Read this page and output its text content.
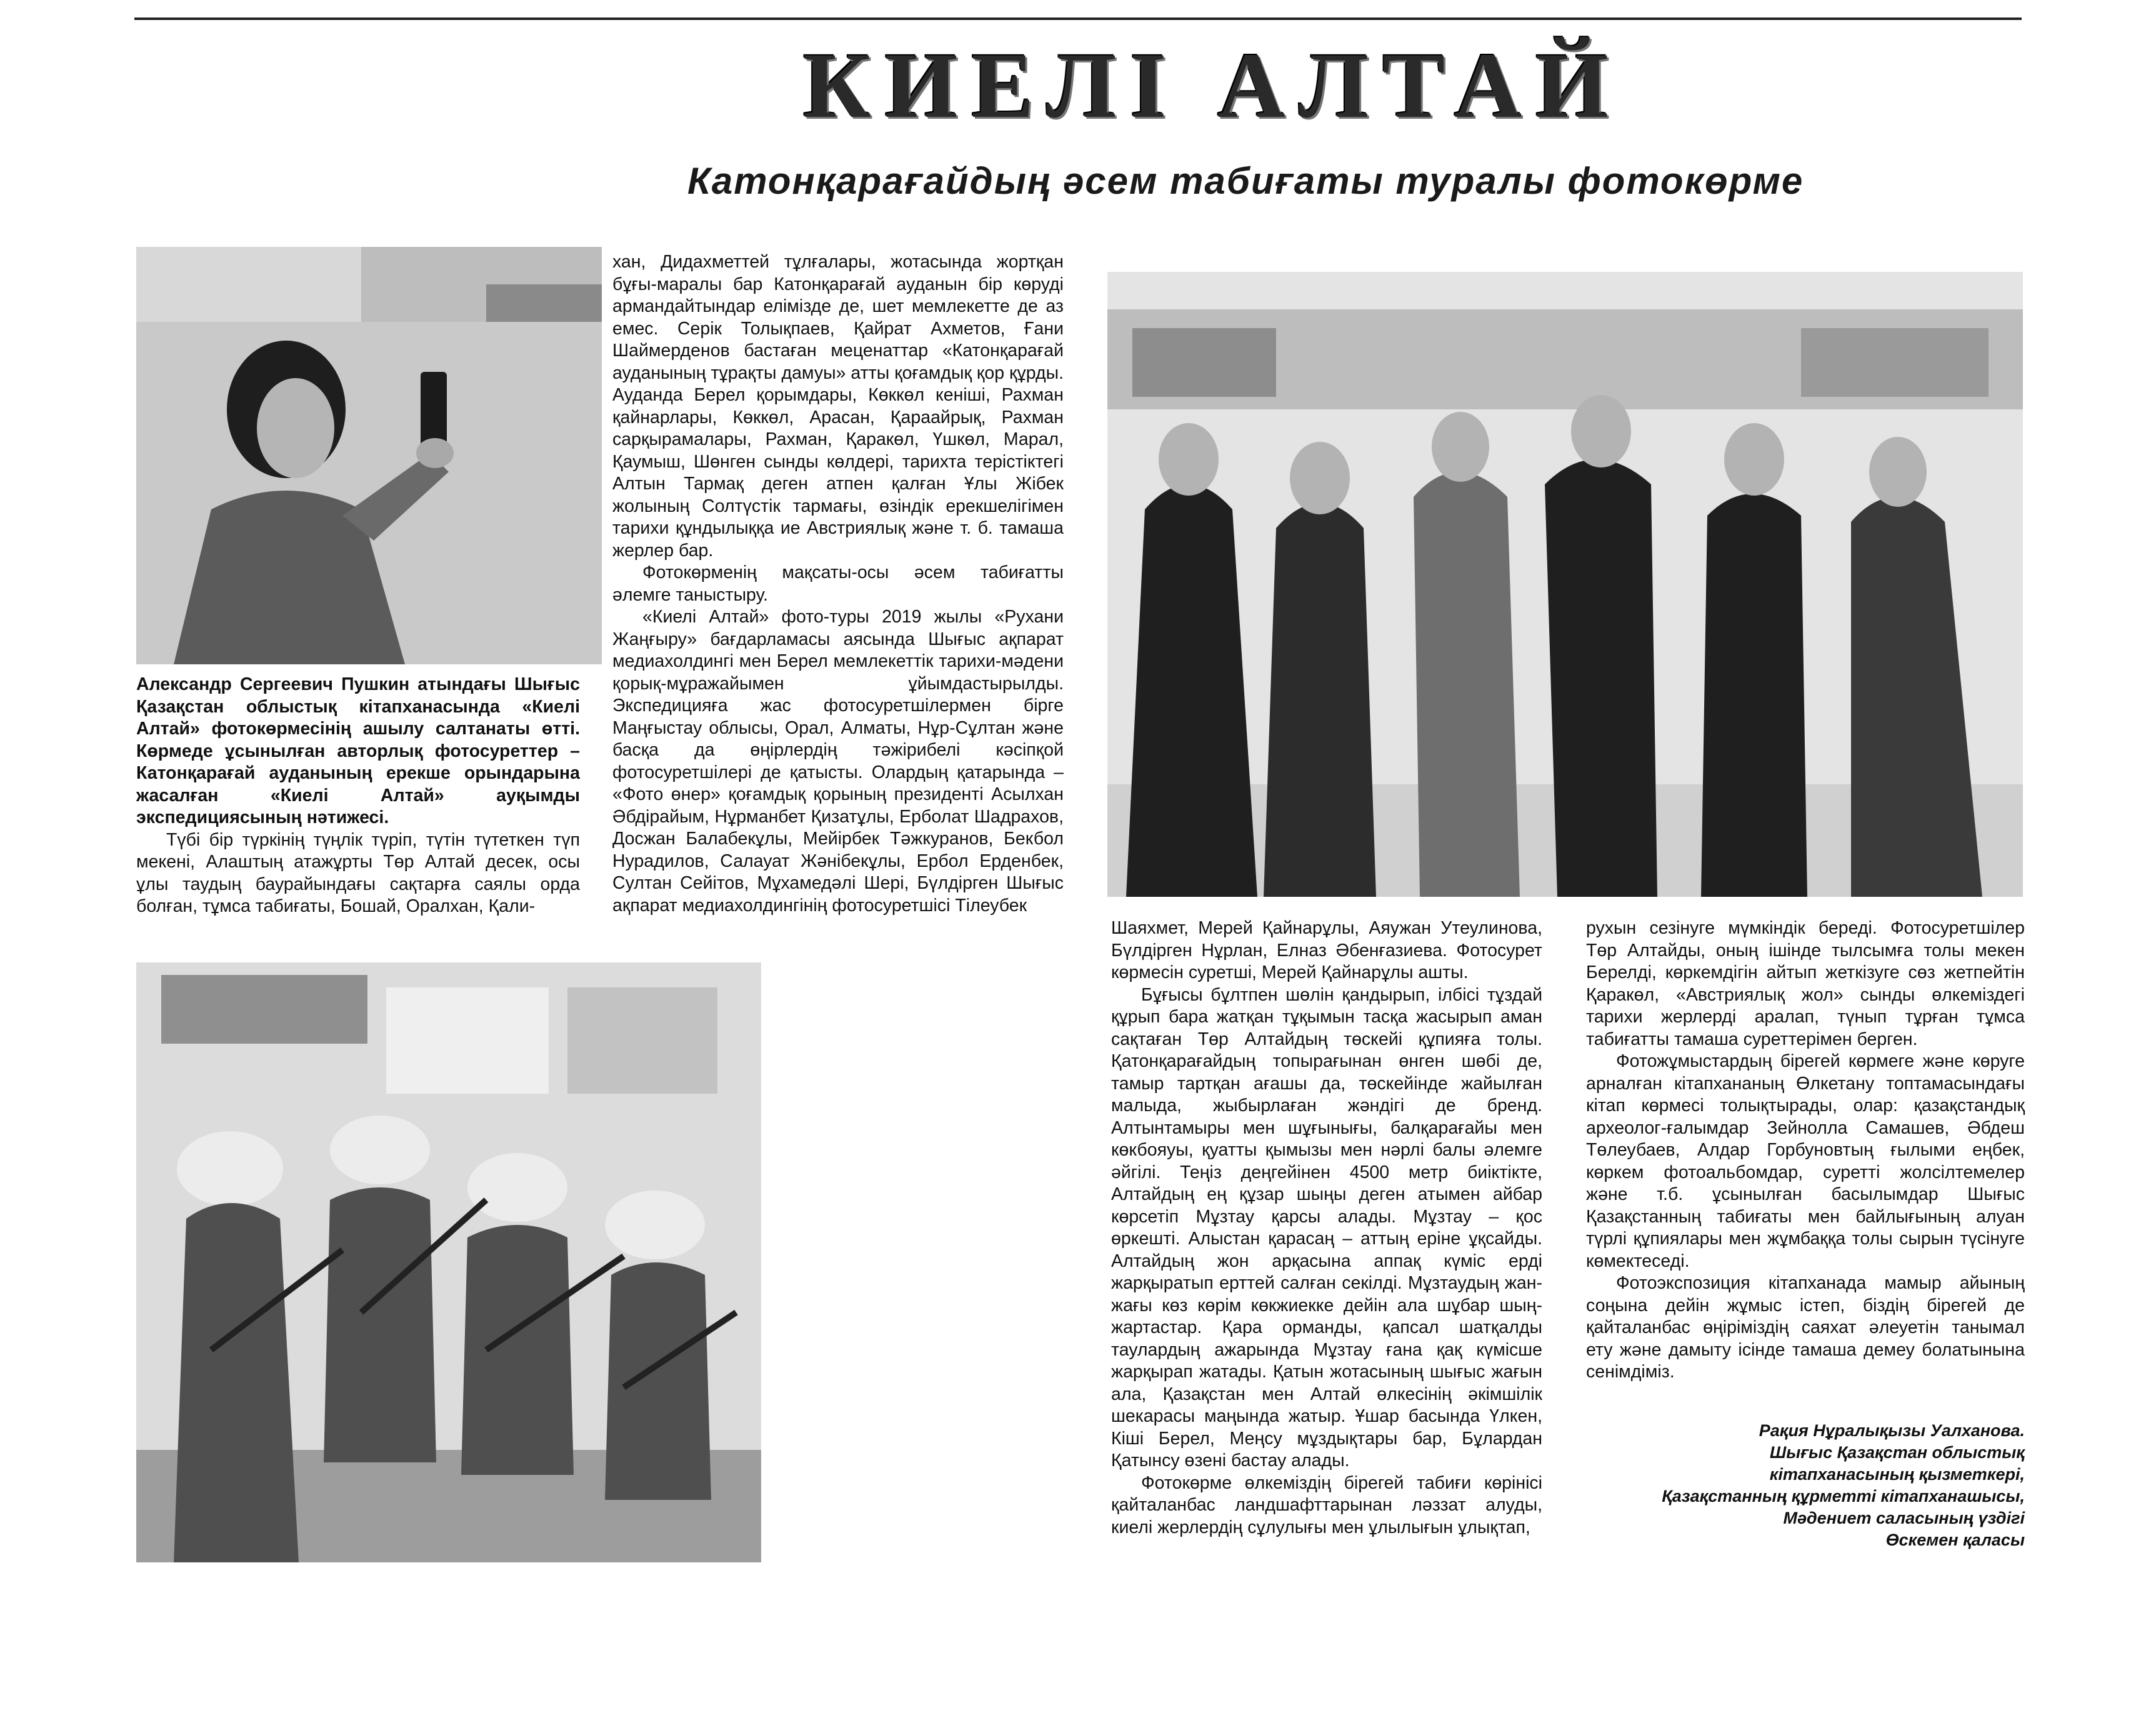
КИЕЛІ АЛТАЙ
Катонқарағайдың әсем табиғаты туралы фотокөрме

Александр Сергеевич Пушкин атындағы Шығыс Қазақстан облыстық кітапханасында «Киелі Алтай» фотокөрмесінің ашылу салтанаты өтті. Көрмеде ұсынылған авторлық фотосуреттер – Катонқарағай ауданының ерекше орындарына жасалған «Киелі Алтай» ауқымды экспедициясының нәтижесі.

Түбі бір түркінің түңлік түріп, түтін түтеткен түп мекені, Алаштың атажұрты Төр Алтай десек, осы ұлы таудың баурайындағы сақтарға саялы орда болған, тұмса табиғаты, Бошай, Оралхан, Қали-

хан, Дидахметтей тұлғалары, жотасында жортқан бұғы-маралы бар Катонқарағай ауданын бір көруді армандайтындар елімізде де, шет мемлекетте де аз емес. Серік Толықпаев, Қайрат Ахметов, Ғани Шаймерденов бастаған меценаттар «Катонқарағай ауданының тұрақты дамуы» атты қоғамдық қор құрды. Ауданда Берел қорымдары, Көккөл кеніші, Рахман қайнарлары, Көккөл, Арасан, Қараайрық, Рахман сарқырамалары, Рахман, Қаракөл, Үшкөл, Марал, Қаумыш, Шөнген сынды көлдері, тарихта терістіктегі Алтын Тармақ деген атпен қалған Ұлы Жібек жолының Солтүстік тармағы, өзіндік ерекшелігімен тарихи құндылыққа ие Австриялық және т. б. тамаша жерлер бар.

Фотокөрменің мақсаты-осы әсем табиғатты әлемге таныстыру.

«Киелі Алтай» фото-туры 2019 жылы «Рухани Жаңғыру» бағдарламасы аясында Шығыс ақпарат медиахолдингі мен Берел мемлекеттік тарихи-мәдени қорық-мұражайымен ұйымдастырылды. Экспедицияға жас фотосуретшілермен бірге Маңғыстау облысы, Орал, Алматы, Нұр-Сұлтан және басқа да өңірлердің тәжірибелі кәсіпқой фотосуретшілері де қатысты. Олардың қатарында – «Фото өнер» қоғамдық қорының президенті Асылхан Әбдірайым, Нұрманбет Қизатұлы, Ерболат Шадрахов, Досжан Балабекұлы, Мейірбек Тәжкуранов, Бекбол Нурадилов, Салауат Жәнібекұлы, Ербол Ерденбек, Султан Сейітов, Мұхамедәлі Шері, Бүлдірген Шығыс ақпарат медиахолдингінің фотосуретшісі Тілеубек

Шаяхмет, Мерей Қайнарұлы, Аяужан Утеулинова, Бүлдірген Нұрлан, Елназ Әбенғазиева. Фотосурет көрмесін суретші, Мерей Қайнарұлы ашты.

Бұғысы бұлтпен шөлін қандырып, ілбісі тұздай құрып бара жатқан тұқымын тасқа жасырып аман сақтаған Төр Алтайдың төскейі құпияға толы. Қатонқарағайдың топырағынан өнген шөбі де, тамыр тартқан ағашы да, төскейінде жайылған малыда, жыбырлаған жәндігі де бренд. Алтынтамыры мен шұғынығы, балқарағайы мен көкбояуы, қуатты қымызы мен нәрлі балы әлемге әйгілі. Теңіз деңгейінен 4500 метр биіктікте, Алтайдың ең құзар шыңы деген атымен айбар көрсетіп Мұзтау қарсы алады. Мұзтау – қос өркешті. Алыстан қарасаң – аттың еріне ұқсайды. Алтайдың жон арқасына аппақ күміс ерді жарқыратып ерттей салған секілді. Мұзтаудың жан-жағы көз көрім көкжиекке дейін ала шұбар шың-жартастар. Қара орманды, қапсал шатқалды таулардың ажарында Мұзтау ғана қақ күмісше жарқырап жатады. Қатын жотасының шығыс жағын ала, Қазақстан мен Алтай өлкесінің әкімшілік шекарасы маңында жатыр. Ұшар басында Үлкен, Кіші Берел, Меңсу мұздықтары бар, Бұлардан Қатынсу өзені бастау алады.

Фотокөрме өлкеміздің бірегей табиғи көрінісі қайталанбас ландшафттарынан ләззат алуды, киелі жерлердің сұлулығы мен ұлылығын ұлықтап,

рухын сезінуге мүмкіндік береді. Фотосуретшілер Төр Алтайды, оның ішінде тылсымға толы мекен Берелді, көркемдігін айтып жеткізуге сөз жетпейтін Қаракөл, «Австриялық жол» сынды өлкеміздегі тарихи жерлерді аралап, түнып тұрған тұмса табиғатты тамаша суреттерімен берген.

Фотожұмыстардың бірегей көрмеге және көруге арналған кітапхананың Өлкетану топтамасындағы кітап көрмесі толықтырады, олар: қазақстандық археолог-ғалымдар Зейнолла Самашев, Әбдеш Төлеубаев, Алдар Горбуновтың ғылыми еңбек, көркем фотоальбомдар, суретті жолсілтемелер және т.б. ұсынылған басылымдар Шығыс Қазақстанның табиғаты мен байлығының алуан түрлі құпиялары мен жұмбаққа толы сырын түсінуге көмектеседі.

Фотоэкспозиция кітапханада мамыр айының соңына дейін жұмыс істеп, біздің бірегей де қайталанбас өңіріміздің саяхат әлеуетін танымал ету және дамыту ісінде тамаша демеу болатынына сенімдіміз.

Рақия Нұралықызы Уалханова.
Шығыс Қазақстан облыстық
кітапханасының қызметкері,
Қазақстанның құрметті кітапханашысы,
Мәдениет саласының үздігі
Өскемен қаласы
